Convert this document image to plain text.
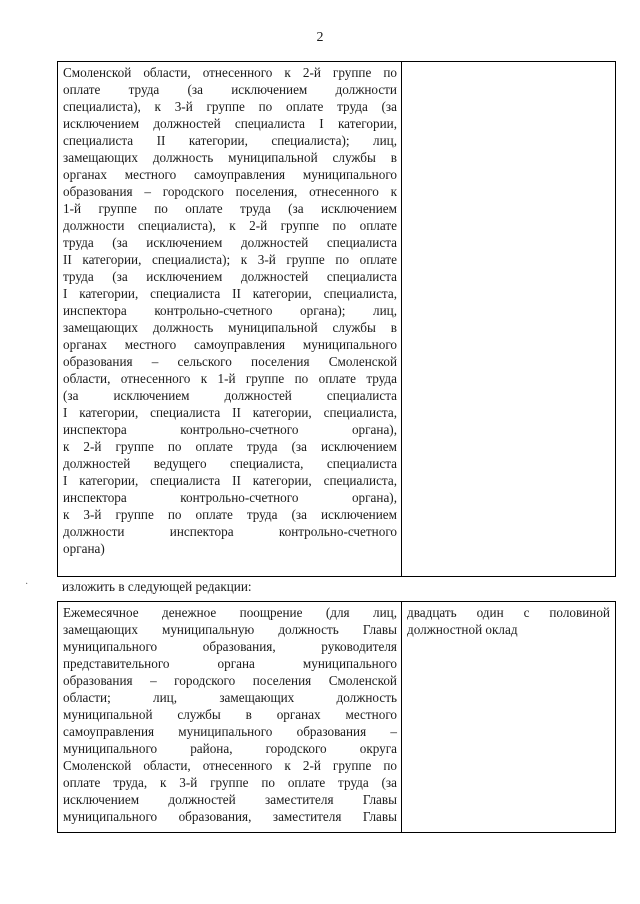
2
Смоленской области, отнесенного к 2-й группе по
оплате труда (за исключением должности
специалиста), к 3-й группе по оплате труда (за
исключением должностей специалиста I категории,
специалиста II категории, специалиста); лиц,
замещающих должность муниципальной службы в
органах местного самоуправления муниципального
образования – городского поселения, отнесенного к
1-й группе по оплате труда (за исключением
должности специалиста), к 2-й группе по оплате
труда (за исключением должностей специалиста
II категории, специалиста); к 3-й группе по оплате
труда (за исключением должностей специалиста
I категории, специалиста II категории, специалиста,
инспектора контрольно-счетного органа); лиц,
замещающих должность муниципальной службы в
органах местного самоуправления муниципального
образования – сельского поселения Смоленской
области, отнесенного к 1-й группе по оплате труда
(за исключением должностей специалиста
I категории, специалиста II категории, специалиста,
инспектора контрольно-счетного органа),
к 2-й группе по оплате труда (за исключением
должностей ведущего специалиста, специалиста
I категории, специалиста II категории, специалиста,
инспектора контрольно-счетного органа),
к 3-й группе по оплате труда (за исключением
должности инспектора контрольно-счетного
органа)
·	изложить в следующей редакции:
Ежемесячное денежное поощрение (для лиц,
замещающих муниципальную должность Главы
муниципального образования, руководителя
представительного органа муниципального
образования – городского поселения Смоленской
области; лиц, замещающих должность
муниципальной службы в органах местного
самоуправления муниципального образования –
муниципального района, городского округа
Смоленской области, отнесенного к 2-й группе по
оплате труда, к 3-й группе по оплате труда (за
исключением должностей заместителя Главы
муниципального образования, заместителя Главы
двадцать один с половиной
должностной оклад
